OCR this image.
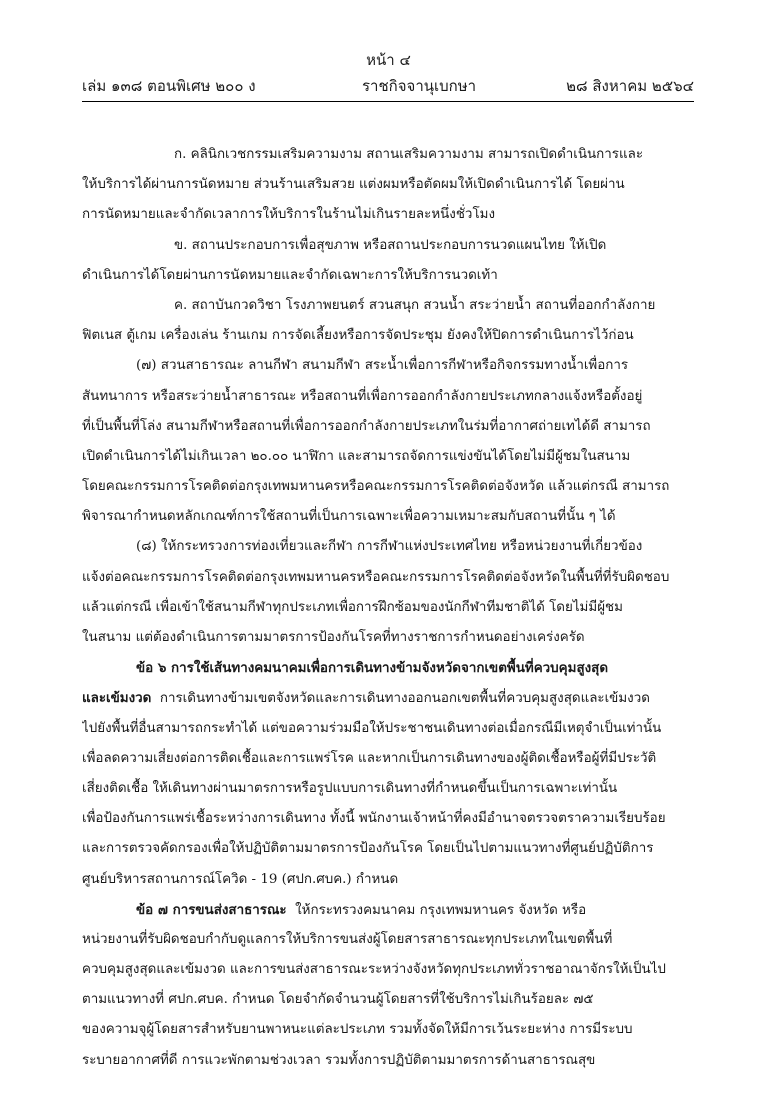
หน้า ๔
เล่ม ๑๓๘ ตอนพิเศษ ๒๐๐ ง	ราชกิจจานุเบกษา	๒๘ สิงหาคม ๒๕๖๔
ก. คลินิกเวชกรรมเสริมความงาม สถานเสริมความงาม สามารถเปิดดำเนินการและ
ให้บริการได้ผ่านการนัดหมาย ส่วนร้านเสริมสวย แต่งผมหรือตัดผมให้เปิดดำเนินการได้ โดยผ่าน
การนัดหมายและจำกัดเวลาการให้บริการในร้านไม่เกินรายละหนึ่งชั่วโมง
ข. สถานประกอบการเพื่อสุขภาพ หรือสถานประกอบการนวดแผนไทย ให้เปิด
ดำเนินการได้โดยผ่านการนัดหมายและจำกัดเฉพาะการให้บริการนวดเท้า
ค. สถาบันกวดวิชา โรงภาพยนตร์ สวนสนุก สวนน้ำ สระว่ายน้ำ สถานที่ออกกำลังกาย
ฟิตเนส ตู้เกม เครื่องเล่น ร้านเกม การจัดเลี้ยงหรือการจัดประชุม ยังคงให้ปิดการดำเนินการไว้ก่อน
(๗) สวนสาธารณะ ลานกีฬา สนามกีฬา สระน้ำเพื่อการกีฬาหรือกิจกรรมทางน้ำเพื่อการ
สันทนาการ หรือสระว่ายน้ำสาธารณะ หรือสถานที่เพื่อการออกกำลังกายประเภทกลางแจ้งหรือตั้งอยู่
ที่เป็นพื้นที่โล่ง สนามกีฬาหรือสถานที่เพื่อการออกกำลังกายประเภทในร่มที่อากาศถ่ายเทได้ดี สามารถ
เปิดดำเนินการได้ไม่เกินเวลา ๒๐.๐๐ นาฬิกา และสามารถจัดการแข่งขันได้โดยไม่มีผู้ชมในสนาม
โดยคณะกรรมการโรคติดต่อกรุงเทพมหานครหรือคณะกรรมการโรคติดต่อจังหวัด แล้วแต่กรณี สามารถ
พิจารณากำหนดหลักเกณฑ์การใช้สถานที่เป็นการเฉพาะเพื่อความเหมาะสมกับสถานที่นั้น ๆ ได้
(๘) ให้กระทรวงการท่องเที่ยวและกีฬา การกีฬาแห่งประเทศไทย หรือหน่วยงานที่เกี่ยวข้อง
แจ้งต่อคณะกรรมการโรคติดต่อกรุงเทพมหานครหรือคณะกรรมการโรคติดต่อจังหวัดในพื้นที่ที่รับผิดชอบ
แล้วแต่กรณี เพื่อเข้าใช้สนามกีฬาทุกประเภทเพื่อการฝึกซ้อมของนักกีฬาทีมชาติได้ โดยไม่มีผู้ชม
ในสนาม แต่ต้องดำเนินการตามมาตรการป้องกันโรคที่ทางราชการกำหนดอย่างเคร่งครัด
ข้อ ๖ การใช้เส้นทางคมนาคมเพื่อการเดินทางข้ามจังหวัดจากเขตพื้นที่ควบคุมสูงสุด
และเข้มงวด การเดินทางข้ามเขตจังหวัดและการเดินทางออกนอกเขตพื้นที่ควบคุมสูงสุดและเข้มงวด
ไปยังพื้นที่อื่นสามารถกระทำได้ แต่ขอความร่วมมือให้ประชาชนเดินทางต่อเมื่อกรณีมีเหตุจำเป็นเท่านั้น
เพื่อลดความเสี่ยงต่อการติดเชื้อและการแพร่โรค และหากเป็นการเดินทางของผู้ติดเชื้อหรือผู้ที่มีประวัติ
เสี่ยงติดเชื้อ ให้เดินทางผ่านมาตรการหรือรูปแบบการเดินทางที่กำหนดขึ้นเป็นการเฉพาะเท่านั้น
เพื่อป้องกันการแพร่เชื้อระหว่างการเดินทาง ทั้งนี้ พนักงานเจ้าหน้าที่คงมีอำนาจตรวจตราความเรียบร้อย
และการตรวจคัดกรองเพื่อให้ปฏิบัติตามมาตรการป้องกันโรค โดยเป็นไปตามแนวทางที่ศูนย์ปฏิบัติการ
ศูนย์บริหารสถานการณ์โควิด - 19 (ศปก.ศบค.) กำหนด
ข้อ ๗ การขนส่งสาธารณะ ให้กระทรวงคมนาคม กรุงเทพมหานคร จังหวัด หรือ
หน่วยงานที่รับผิดชอบกำกับดูแลการให้บริการขนส่งผู้โดยสารสาธารณะทุกประเภทในเขตพื้นที่
ควบคุมสูงสุดและเข้มงวด และการขนส่งสาธารณะระหว่างจังหวัดทุกประเภททั่วราชอาณาจักรให้เป็นไป
ตามแนวทางที่ ศปก.ศบค. กำหนด โดยจำกัดจำนวนผู้โดยสารที่ใช้บริการไม่เกินร้อยละ ๗๕
ของความจุผู้โดยสารสำหรับยานพาหนะแต่ละประเภท รวมทั้งจัดให้มีการเว้นระยะห่าง การมีระบบ
ระบายอากาศที่ดี การแวะพักตามช่วงเวลา รวมทั้งการปฏิบัติตามมาตรการด้านสาธารณสุข
